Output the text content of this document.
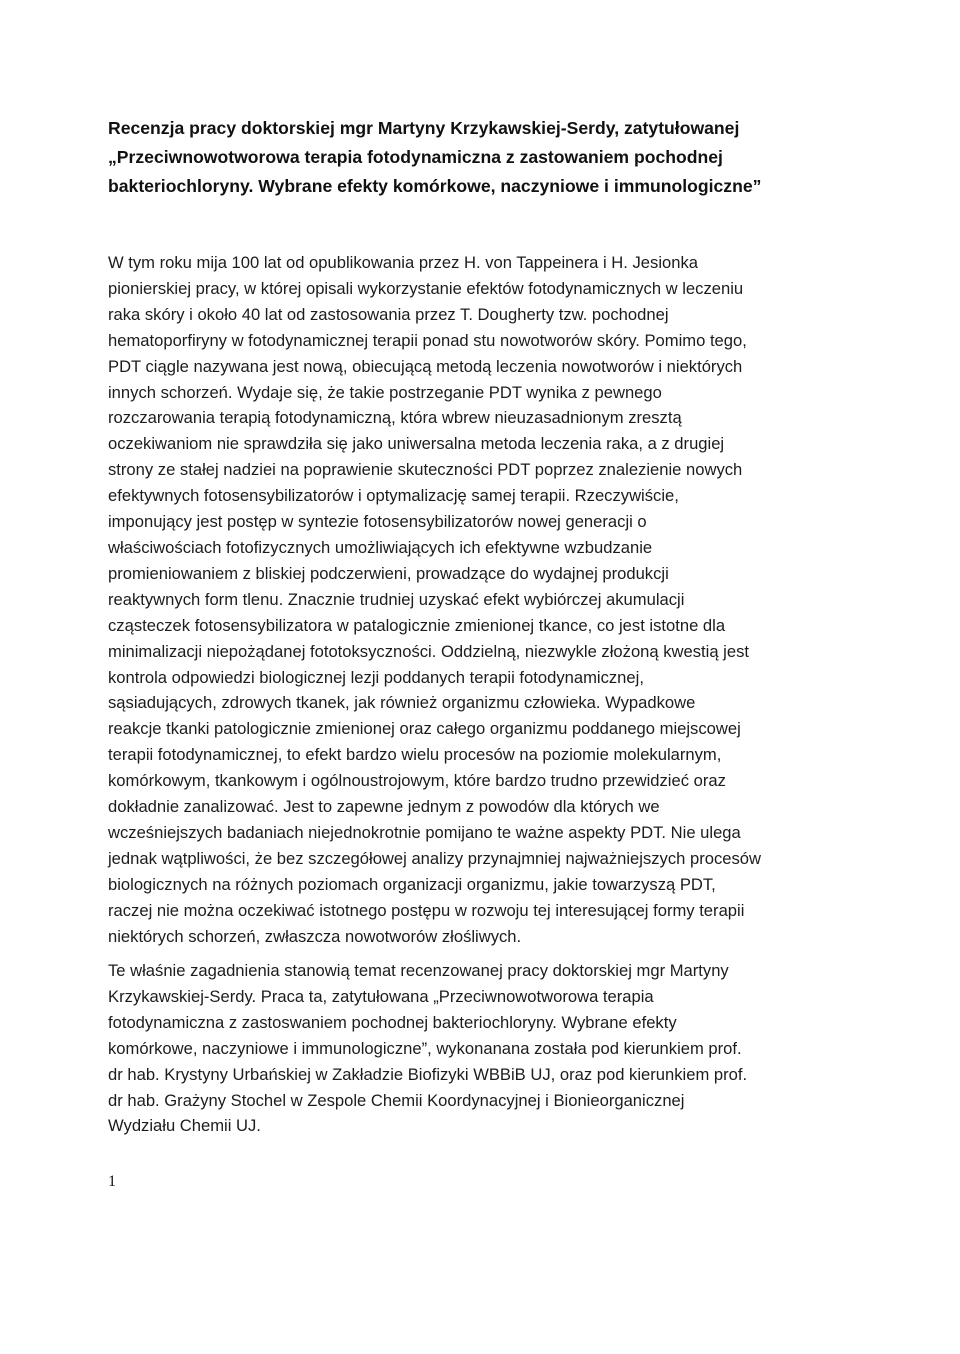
Recenzja pracy doktorskiej mgr Martyny Krzykawskiej-Serdy, zatytułowanej
„Przeciwnowotworowa terapia fotodynamiczna z zastowaniem pochodnej
bakteriochloryny. Wybrane efekty komórkowe, naczyniowe i immunologiczne”

W tym roku mija 100 lat od opublikowania przez H. von Tappeinera i H. Jesionka
pionierskiej pracy, w której opisali wykorzystanie efektów fotodynamicznych w leczeniu
raka skóry i około 40 lat od zastosowania przez T. Dougherty tzw. pochodnej
hematoporfiryny w fotodynamicznej terapii ponad stu nowotworów skóry. Pomimo tego,
PDT ciągle nazywana jest nową, obiecującą metodą leczenia nowotworów i niektórych
innych schorzeń. Wydaje się, że takie postrzeganie PDT wynika z pewnego
rozczarowania terapią fotodynamiczną, która wbrew nieuzasadnionym zresztą
oczekiwaniom nie sprawdziła się jako uniwersalna metoda leczenia raka, a z drugiej
strony ze stałej nadziei na poprawienie skuteczności PDT poprzez znalezienie nowych
efektywnych fotosensybilizatorów i optymalizację samej terapii. Rzeczywiście,
imponujący jest postęp w syntezie fotosensybilizatorów nowej generacji o
właściwościach fotofizycznych umożliwiających ich efektywne wzbudzanie
promieniowaniem z bliskiej podczerwieni, prowadzące do wydajnej produkcji
reaktywnych form tlenu. Znacznie trudniej uzyskać efekt wybiórczej akumulacji
cząsteczek fotosensybilizatora w patalogicznie zmienionej tkance, co jest istotne dla
minimalizacji niepożądanej fototoksyczności. Oddzielną, niezwykle złożoną kwestią jest
kontrola odpowiedzi biologicznej lezji poddanych terapii fotodynamicznej,
sąsiadujących, zdrowych tkanek, jak również organizmu człowieka. Wypadkowe
reakcje tkanki patologicznie zmienionej oraz całego organizmu poddanego miejscowej
terapii fotodynamicznej, to efekt bardzo wielu procesów na poziomie molekularnym,
komórkowym, tkankowym i ogólnoustrojowym, które bardzo trudno przewidzieć oraz
dokładnie zanalizować. Jest to zapewne jednym z powodów dla których we
wcześniejszych badaniach niejednokrotnie pomijano te ważne aspekty PDT. Nie ulega
jednak wątpliwości, że bez szczegółowej analizy przynajmniej najważniejszych procesów
biologicznych na różnych poziomach organizacji organizmu, jakie towarzyszą PDT,
raczej nie można oczekiwać istotnego postępu w rozwoju tej interesującej formy terapii
niektórych schorzeń, zwłaszcza nowotworów złośliwych.

Te właśnie zagadnienia stanowią temat recenzowanej pracy doktorskiej mgr Martyny
Krzykawskiej-Serdy. Praca ta, zatytułowana „Przeciwnowotworowa terapia
fotodynamiczna z zastoswaniem pochodnej bakteriochloryny. Wybrane efekty
komórkowe, naczyniowe i immunologiczne”, wykonanana została pod kierunkiem prof.
dr hab. Krystyny Urbańskiej w Zakładzie Biofizyki WBBiB UJ, oraz pod kierunkiem prof.
dr hab. Grażyny Stochel w Zespole Chemii Koordynacyjnej i Bionieorganicznej
Wydziału Chemii UJ.

1
